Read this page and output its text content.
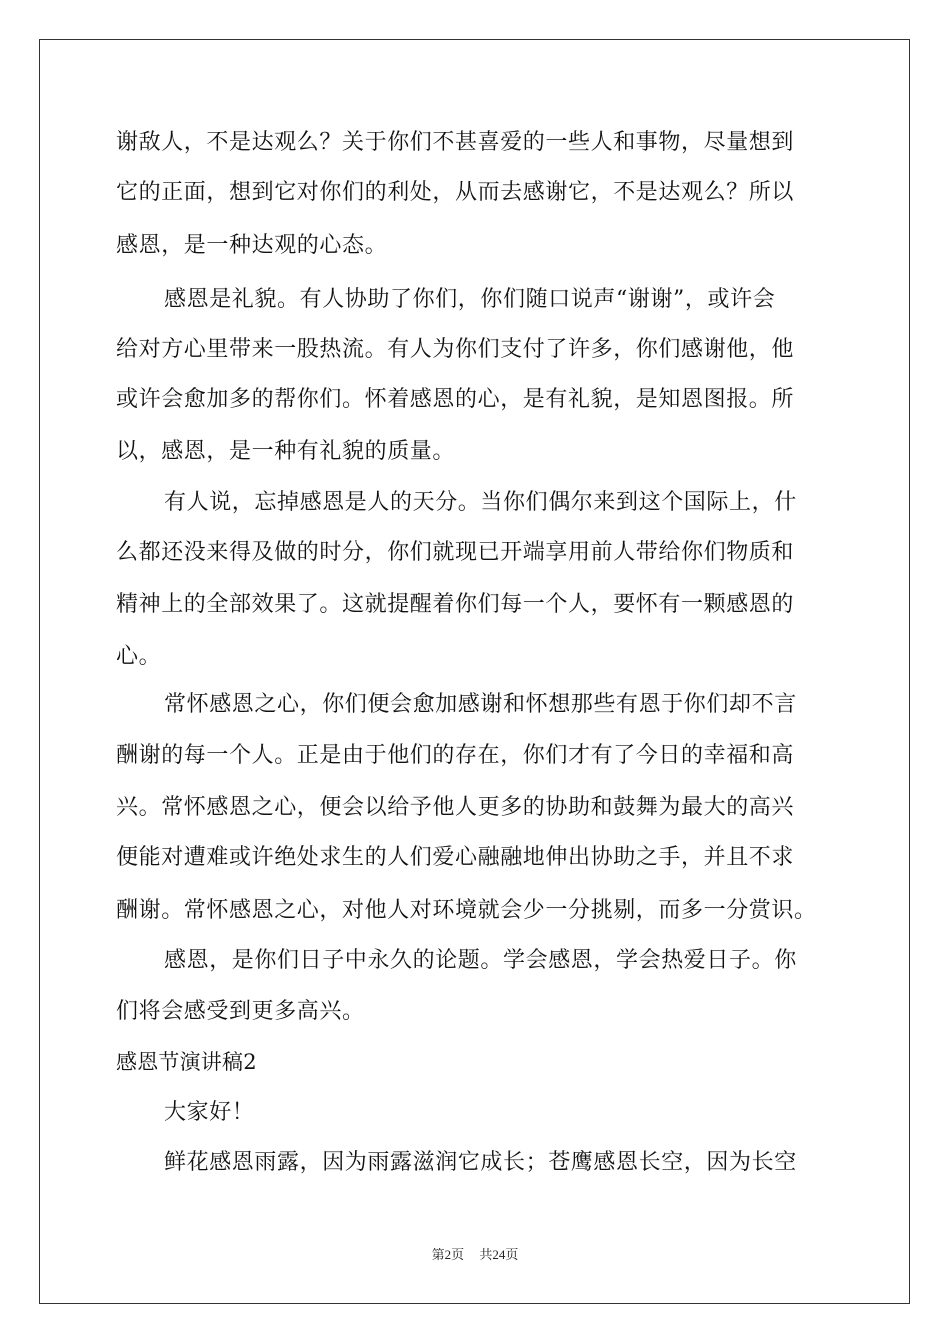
谢敌人，不是达观么？关于你们不甚喜爱的一些人和事物，尽量想到
它的正面，想到它对你们的利处，从而去感谢它，不是达观么？所以
感恩，是一种达观的心态。
感恩是礼貌。有人协助了你们，你们随口说声“谢谢”，或许会
给对方心里带来一股热流。有人为你们支付了许多，你们感谢他，他
或许会愈加多的帮你们。怀着感恩的心，是有礼貌，是知恩图报。所
以，感恩，是一种有礼貌的质量。
有人说，忘掉感恩是人的天分。当你们偶尔来到这个国际上，什
么都还没来得及做的时分，你们就现已开端享用前人带给你们物质和
精神上的全部效果了。这就提醒着你们每一个人，要怀有一颗感恩的
心。
常怀感恩之心，你们便会愈加感谢和怀想那些有恩于你们却不言
酬谢的每一个人。正是由于他们的存在，你们才有了今日的幸福和高
兴。常怀感恩之心，便会以给予他人更多的协助和鼓舞为最大的高兴
便能对遭难或许绝处求生的人们爱心融融地伸出协助之手，并且不求
酬谢。常怀感恩之心，对他人对环境就会少一分挑剔，而多一分赏识。
感恩，是你们日子中永久的论题。学会感恩，学会热爱日子。你
们将会感受到更多高兴。
感恩节演讲稿2
大家好！
鲜花感恩雨露，因为雨露滋润它成长；苍鹰感恩长空，因为长空
第2页 共24页
